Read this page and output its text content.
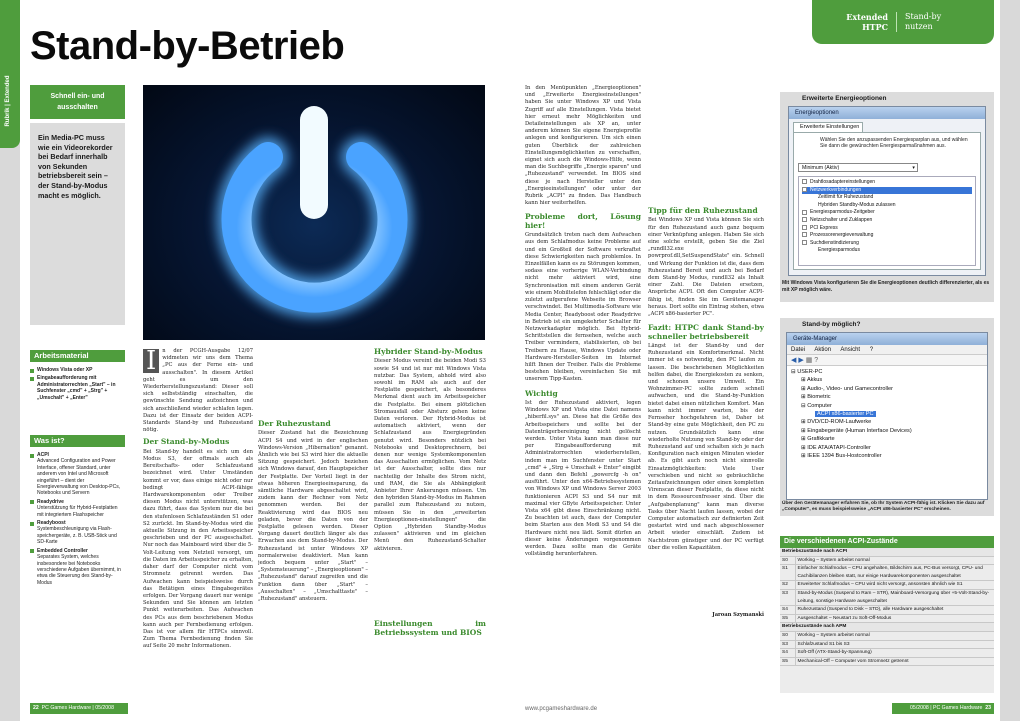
Rubrik | Extended
Stand-by-Betrieb
Schnell ein- und ausschalten
Ein Media-PC muss wie ein Videorekorder bei Bedarf innerhalb von Sekunden betriebsbereit sein – der Stand-by-Modus macht es möglich.
Arbeitsmaterial
Windows Vista oder XP
Eingabeaufforderung mit Administratorrechten „Start" – in Suchfenster „cmd" + „Strg" + „Umschalt" + „Enter"
Was ist?
ACPI
Advanced Configuration and Power Interface, offener Standard, unter anderem von Intel und Microsoft eingeführt – dient der Energieverwaltung von Desktop-PCs, Notebooks und Servern
Readydrive
Unterstützung für Hybrid-Festplatten mit integriertem Flashspeicher
Readyboost
Systembeschleunigung via Flash-speichergeräte, z. B. USB-Stick und SD-Karte
Embedded Controller
Separates System, welches insbesondere bei Notebooks verschiedene Aufgaben übernimmt, in etwa die Steuerung des Stand-by-Modus

I	n der PCGH-Ausgabe 12/07 widmeten wir uns dem Thema „PC aus der Ferne ein- und ausschalten". In diesem Artikel geht es um den Wiederherstellungszustand: Dieser soll sich selbstständig einschalten, die gewünschte Sendung aufzeichnen und sich anschließend wieder schlafen legen. Dazu ist der Einsatz der beiden ACPI-Standards Stand-by und Ruhezustand nötig.

Der Stand-by-Modus

Bei Stand-by handelt es sich um den Modus S3, der oftmals auch als Bereitschafts- oder Schlafzustand bezeichnet wird. Unter Umständen kommt er vor, dass einige nicht oder nur bedingt ACPI-fähige Hardwarekomponenten oder Treiber diesen Modus nicht unterstützen, was dazu führt, dass das System nur die bei den stufenlosen Schlafzuständen S1 oder S2 zurückt. Im Stand-by-Modus wird die aktuelle Sitzung in den Arbeitsspeicher geschrieben und der PC ausgeschaltet. Nur noch das Mainboard wird über die 5-Volt-Leitung vom Netzteil versorgt, um die Daten im Arbeitsspeicher zu erhalten, daher darf der Computer nicht vom Stromnetz getrennt werden. Das Aufwachen kann beispielsweise durch das Betätigen eines Eingabegerätes erfolgen. Der Vorgang dauert nur wenige Sekunden und Sie können am letzten Punkt weiterarbeiten. Das Aufwachen des PCs aus dem beschriebenen Modus kann auch per Fernbedienung erfolgen. Das ist vor allem für HTPCs sinnvoll. Zum Thema Fernbedienung finden Sie auf Seite 20 mehr Informationen.

Der Ruhezustand

Dieser Zustand hat die Bezeichnung ACPI S4 und wird in der englischen Windows-Version „Hibernation" genannt. Ähnlich wie bei S3 wird hier die aktuelle Sitzung gespeichert. Jedoch beziehen sich Windows darauf, den Hauptspeicher der Festplatte. Der Vorteil liegt in der etwas höheren Energieeinsparung, da sämtliche Hardware abgeschaltet wird, zudem kann der Rechner vom Netz genommen werden. Bei der Reaktivierung wird das BIOS neu geladen, bevor die Daten von der Festplatte gelesen werden. Dieser Vorgang dauert deutlich länger als das Erwachen aus dem Stand-by-Modus. Der Ruhezustand ist unter Windows XP normalerweise deaktiviert. Man kann jedoch bequem unter „Start" – „Systemsteuerung" – „Energieoptionen" – „Ruhezustand" darauf zugreifen und die Funktion dann über „Start" – „Ausschalten" – „Umschalttaste" – „Ruhezustand" ansteuern.

Hybrider Stand-by-Modus

Dieser Modus vereint die beiden Modi S3 sowie S4 und ist nur mit Windows Vista nutzbar. Das System, abhold wird also sowohl im RAM als auch auf der Festplatte gespeichert, als besonderes Merkmal dient auch im Arbeitsspeicher die Festplatte. Bei einem plötzlichen Stromausfall oder Absturz gehen keine Daten verloren. Der Hybrid-Modus ist automatisch aktiviert, wenn der Schlafzustand aus Energiegründen genutzt wird. Besonders nützlich bei Notebooks und Desktoprechnern, bei denen nur wenige Systemkomponenten das Ausschalten ermöglichen. Vom Netz ist der Ausschalter, sollte dies nur nachteilig der Inhalte des Strom nicht, und RAM, die Sie als Abhängigkeit Anbieter Ihrer Ankerungen müssen. Um den hybriden Stand-by-Modus im Rahmen parallel zum Ruhezustand zu nutzen, müssen Sie in den „erweiterten Energieoptionen-einstellungen" die Option „Hybriden Standby-Modus zulassen" aktivieren und im gleichen Menü den Ruhezustand-Schalter aktivieren.

Einstellungen im Betriebssystem und BIOS
22 PC Games Hardware | 05/2008
Extended HTPC
Stand-by nutzen

In den Menüpunkten „Energieoptionen" und „Erweiterte Energieeinstellungen" haben Sie unter Windows XP und Vista Zugriff auf alle Einstellungen. Vista bietet hier erneut mehr Möglichkeiten und Detaileinstellungen als XP an, unter anderem können Sie eigene Energieprofile anlegen und konfigurieren. Um sich einen guten Überblick der zahlreichen Einstellungsmöglichkeiten zu verschaffen, eignet sich auch die Windows-Hilfe, wenn man die Suchbegriffe „Energie sparen" und „Ruhezustand" verwendet. Im BIOS sind diese je nach Hersteller unter den „Energieeinstellungen" oder unter der Rubrik „ACPI" zu finden. Das Handbuch kann hier weiterhelfen.

Probleme dort, Lösung hier!

Grundsätzlich treten nach dem Aufwachen aus dem Schlafmodus keine Probleme auf und ein Großteil der Software verkraftet diese Schwierigkeiten nach problemlos. In Einzelfällen kann es zu Störungen kommen, sodass eine vorherige WLAN-Verbindung nicht mehr aktiviert wird, eine Synchronisation mit einem anderen Gerät wie einem Mobiltelefon fehlschlägt oder die zuletzt aufgerufene Webseite im Browser verschwindet. Bei Multimedia-Software wie Media Center, Readyboost oder Readydrive in Betrieb ist ein umgekehrter Schalter für Netzwerkadapter möglich. Bei Hybrid-Schrittstellen die fernsehen, welche auch Treiber vermindern, stabilisierten, ob bei Treibern zu Hause, Windows Update oder Hardware-Hersteller-Seiten im Internet hilft Ihnen der Treiber. Falls die Probleme bestehen bleiben, vereinfachen Sie mit unserem Tipp-Kasten.

Wichtig

Ist der Ruhezustand aktiviert, legen Windows XP und Vista eine Datei namens „hiberfil.sys" an. Diese hat die Größe des Arbeitsspeichers und sollte bei der Datenträgerbereinigung nicht gelöscht werden. Unter Vista kann man diese nur per Eingabeaufforderung mit Administratorrechten wiederherstellen, indem man im Suchfenster unter Start „cmd" + „Strg + Umschalt + Enter" eingibt und dann den Befehl „powercfg -h on" ausführt. Unter den x64-Betriebssystemen von Windows XP und Windows Server 2003 funktionieren ACPI S3 und S4 nur mit maximal vier GByte Arbeitsspeicher. Unter Vista x64 gibt diese Einschränkung nicht. Zu beachten ist auch, dass der Computer beim Starten aus den Modi S3 und S4 die Hardware nicht neu lädt. Somit dürfen an dieser keine Änderungen vorgenommen werden. Dazu sollte man die Geräte vollständig herunterfahren.

Tipp für den Ruhezustand

Bei Windows XP und Vista können Sie sich für den Ruhezustand auch ganz bequem einer Verknüpfung anlegen. Haben Sie sich eine solche erstellt, geben Sie die Ziel „rundll32.exe powrprof.dll,SetSuspendState" ein. Schnell und Wirkung der Funktion ist die, dass dem Ruhezustand Bereit und auch bei Bedarf dem Stand-by Modus, rundll32 als Inhalt einer Zahl. Die Dateien ersetzen, Ansprüche ACPI. Oft den Computer ACPI-fähig ist, finden Sie im Gerätemanager heraus. Dort sollte ein Eintrag stehen, etwa „ACPI x86-basierter PC".

Fazit: HTPC dank Stand-by schneller betriebsbereit

Längst ist der Stand-by und der Ruhezustand ein Komfortmerkmal. Nicht immer ist es notwendig, den PC laufen zu lassen. Die beschriebenen Möglichkeiten helfen dabei, die Energiekosten zu senken, und schonen unsere Umwelt. Ein Wohnzimmer-PC sollte zudem schnell aufwachen, und die Stand-by-Funktion bietet dabei einen nützlichen Komfort. Man kann nicht immer warten, bis der Fernseher hochgefahren ist, Daher ist Stand-by eine gute Möglichkeit, den PC zu nutzen. Grundsätzlich kann eine wiederholte Nutzung von Stand-by oder der Ruhezustand auf und schalten sich je nach Konfiguration nach einigen Minuten wieder ab. Es gibt auch noch nicht sinnvolle Einsatzmöglichkeiten: Viele User verschieben und nicht so gebräuchliche Zeitaufzeichnungen oder einen kompletten Virenscan dieser Festplatte, da diese nicht in dem Ressourcenfresser sind. Über die „Aufgabenplanung" kann man diverse Tasks über Nacht laufen lassen, wobei der Computer automatisch zur definierten Zeit gestartet wird und nach abgeschlossener Arbeit wieder einschläft. Zudem ist Nachtstrom günstiger und der PC verfügt über die vollen Kapazitäten.

Jaroan Szymanski

Erweiterte Energieoptionen
Energieoptionen
Erweiterte Einstellungen
Wählen Sie den anzupassenden Energiesparplan aus, und wählen Sie dann die gewünschten Energiesparmaßnahmen aus.
Minimum (Aktiv)	▾
Drahtlosadaptereinstellungen
Netzwerkverbindungen
Zeitlimit für Ruhezustand
Hybriden Standby-Modus zulassen
Energiesparmodus-Zeitgeber
Netzschalter und Zuklappen
PCI Express
Prozessorenergieverwaltung
Suchdienstindizierung
Energiesparmodus
Mit Windows Vista konfigurieren Sie die Energieoptionen deutlich differenzierter, als es mit XP möglich wäre.
Stand-by möglich?
Geräte-Manager
Datei Aktion Ansicht ?
◀ ▶ ▦ ?
⊟ USER-PC
⊞ Akkus
⊞ Audio-, Video- und Gamecontroller
⊞ Biometric
⊟ Computer
ACPI x86-basierter PC
⊞ DVD/CD-ROM-Laufwerke
⊞ Eingabegeräte (Human Interface Devices)
⊞ Grafikkarte
⊞ IDE ATA/ATAPI-Controller
⊞ IEEE 1394 Bus-Hostcontroller
Über den Gerätemanager erfahren Sie, ob Ihr System ACPI-fähig ist. Klicken Sie dazu auf „Computer", es muss beispielsweise „ACPI x86-basierter PC" erscheinen.
Die verschiedenen ACPI-Zustände
Betriebszustände nach ACPI	
S0	Working – System arbeitet normal
S1	Einfacher Schlafmodus – CPU angehalten, Bildschirm aus, PC-Bus versorgt, CPU- und Cachibilanzen bleiben statt, nur einige Hardwarekomponenten ausgeschaltet
S2	Erweiterter Schlafmodus – CPU wird nicht versorgt, ansonsten ähnlich wie S1
S3	Stand-by-Modus (Suspend to Ram – STR), Mainboard-Versorgung über +5-Volt-Stand-by-Leitung, sonstige Hardware ausgeschaltet
S4	Ruhezustand (Suspend to Disk – STD), alle Hardware ausgeschaltet
S5	Ausgeschaltet – Neustart zu Soft-Off-Modus
Betriebszustände nach APM	
S0	Working – System arbeitet normal
S3	Schlafzustand S1 bis S3
S4	Soft-Off (ATX-Stand-by-Spannung)
S5	Mechanical-Off – Computer vom Stromnetz getrennt
www.pcgameshardware.de	05/2008 | PC Games Hardware 23
